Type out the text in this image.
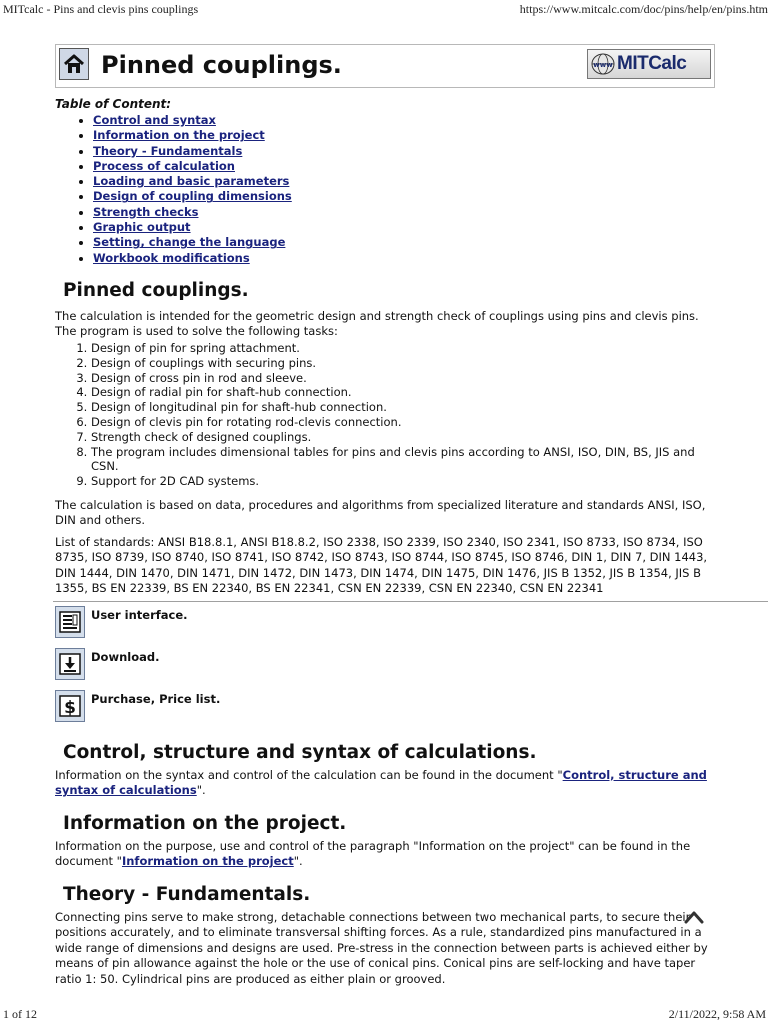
MITcalc - Pins and clevis pins couplings	https://www.mitcalc.com/doc/pins/help/en/pins.htm
Pinned couplings.	www MITCalc
Table of Content:
• Control and syntax
• Information on the project
• Theory - Fundamentals
• Process of calculation
• Loading and basic parameters
• Design of coupling dimensions
• Strength checks
• Graphic output
• Setting, change the language
• Workbook modifications
Pinned couplings.

The calculation is intended for the geometric design and strength check of couplings using pins and clevis pins. The program is used to solve the following tasks:

1. Design of pin for spring attachment.
2. Design of couplings with securing pins.
3. Design of cross pin in rod and sleeve.
4. Design of radial pin for shaft-hub connection.
5. Design of longitudinal pin for shaft-hub connection.
6. Design of clevis pin for rotating rod-clevis connection.
7. Strength check of designed couplings.
8. The program includes dimensional tables for pins and clevis pins according to ANSI, ISO, DIN, BS, JIS and CSN.
9. Support for 2D CAD systems.

The calculation is based on data, procedures and algorithms from specialized literature and standards ANSI, ISO, DIN and others.

List of standards: ANSI B18.8.1, ANSI B18.8.2, ISO 2338, ISO 2339, ISO 2340, ISO 2341, ISO 8733, ISO 8734, ISO 8735, ISO 8739, ISO 8740, ISO 8741, ISO 8742, ISO 8743, ISO 8744, ISO 8745, ISO 8746, DIN 1, DIN 7, DIN 1443, DIN 1444, DIN 1470, DIN 1471, DIN 1472, DIN 1473, DIN 1474, DIN 1475, DIN 1476, JIS B 1352, JIS B 1354, JIS B 1355, BS EN 22339, BS EN 22340, BS EN 22341, CSN EN 22339, CSN EN 22340, CSN EN 22341

User interface.
Download.
$ Purchase, Price list.
Control, structure and syntax of calculations.

Information on the syntax and control of the calculation can be found in the document "Control, structure and syntax of calculations".

Information on the project.

Information on the purpose, use and control of the paragraph "Information on the project" can be found in the document "Information on the project".

Theory - Fundamentals.

Connecting pins serve to make strong, detachable connections between two mechanical parts, to secure their positions accurately, and to eliminate transversal shifting forces. As a rule, standardized pins manufactured in a wide range of dimensions and designs are used. Pre-stress in the connection between parts is achieved either by means of pin allowance against the hole or the use of conical pins. Conical pins are self-locking and have taper ratio 1: 50. Cylindrical pins are produced as either plain or grooved.

1 of 12	2/11/2022, 9:58 AM
